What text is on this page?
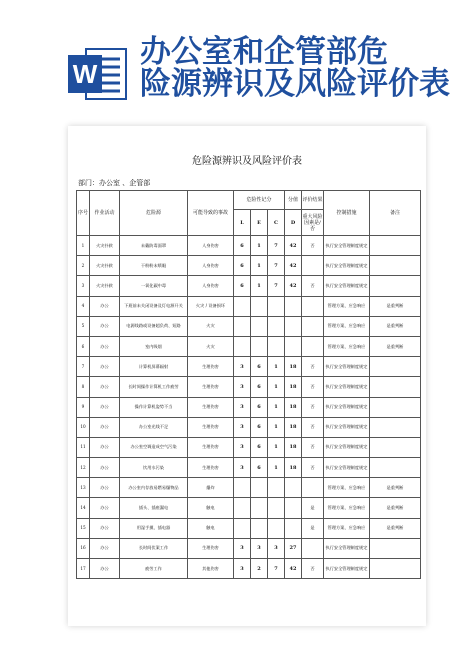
W
办公室和企管部危
险源辨识及风险评价表
危险源辨识及风险评价表
部门：办公室 、企管部
序号	作业活动	危险源	可能导致的事故	危险性记分			分值	评价结果	控制措施	备注
				L	E	C	D	重大风险因素是/否		
1	火灾扑救	未戴防毒面罩	人身伤害	6	1	7	42	否	执行安全管理制度规定	
2	火灾扑救	干粉粉末喷眼	人身伤害	6	1	7	42		执行安全管理制度规定	
3	火灾扑救	一氧化碳中毒	人身伤害	6	1	7	42	否	执行安全管理制度规定	
4	办公	下班前未关闭设备及灯电源开关	火灾 / 设备损坏						管理方案、应急响应	是重判断
5	办公	电源线路或设备超负荷、短路	火灾						管理方案、应急响应	是重判断
6	办公	室内吸烟	火灾						管理方案、应急响应	是重判断
7	办公	计算机屏幕辐射	生理伤害	3	6	1	18	否	执行安全管理制度规定	
8	办公	长时间操作计算机工作疲劳	生理伤害	3	6	1	18	否	执行安全管理制度规定	
9	办公	操作计算机姿势不当	生理伤害	3	6	1	18	否	执行安全管理制度规定	
10	办公	办公室光线不足	生理伤害	3	6	1	18	否	执行安全管理制度规定	
11	办公	办公室空调造成空气污染	生理伤害	3	6	1	18	否	执行安全管理制度规定	
12	办公	饮用水污染	生理伤害	3	6	1	18	否	执行安全管理制度规定	
13	办公	办公室内存放易燃易爆物品	爆炸						管理方案、应急响应	是重判断
14	办公	插头、插座漏电	触电					是	管理方案、应急响应	是重判断
15	办公	用湿手摸、插电器	触电					是	管理方案、应急响应	是重判断
16	办公	长时间伏案工作	生理伤害	3	3	3	27		执行安全管理制度规定	
17	办公	疲劳工作	其他伤害	3	2	7	42	否	执行安全管理制度规定	
